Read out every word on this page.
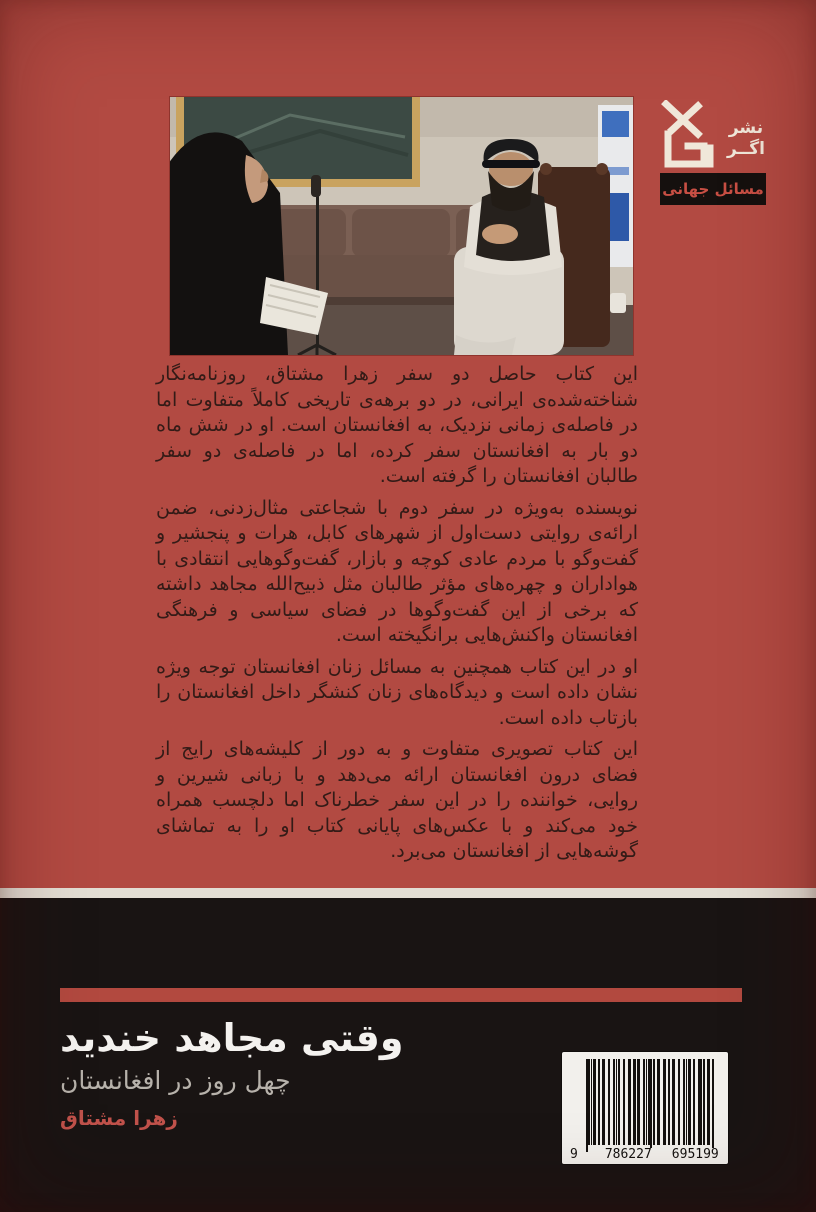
نشر
اگــر
مسائل جهانی

این کتاب حاصل دو سفر زهرا مشتاق، روزنامه‌نگار شناخته‌شده‌ی ایرانی، در دو برهه‌ی تاریخی کاملاً متفاوت اما در فاصله‌ی زمانی نزدیک، به افغانستان است. او در شش ماه دو بار به افغانستان سفر کرده، اما در فاصله‌ی دو سفر طالبان افغانستان را گرفته است.

نویسنده به‌ویژه در سفر دوم با شجاعتی مثال‌زدنی، ضمن ارائه‌ی روایتی دست‌اول از شهرهای کابل، هرات و پنجشیر و گفت‌وگو با مردم عادی کوچه و بازار، گفت‌وگوهایی انتقادی با هواداران و چهره‌های مؤثر طالبان مثل ذبیح‌الله مجاهد داشته که برخی از این گفت‌وگوها در فضای سیاسی و فرهنگی افغانستان واکنش‌هایی برانگیخته است.

او در این کتاب همچنین به مسائل زنان افغانستان توجه ویژه نشان داده است و دیدگاه‌های زنان کنشگر داخل افغانستان را بازتاب داده است.

این کتاب تصویری متفاوت و به دور از کلیشه‌های رایج از فضای درون افغانستان ارائه می‌دهد و با زبانی شیرین و روایی، خواننده را در این سفر خطرناک اما دلچسب همراه خود می‌کند و با عکس‌های پایانی کتاب او را به تماشای گوشه‌هایی از افغانستان می‌برد.

وقتی مجاهد خندید
چهل روز در افغانستان
زهرا مشتاق
9 786227 695199
